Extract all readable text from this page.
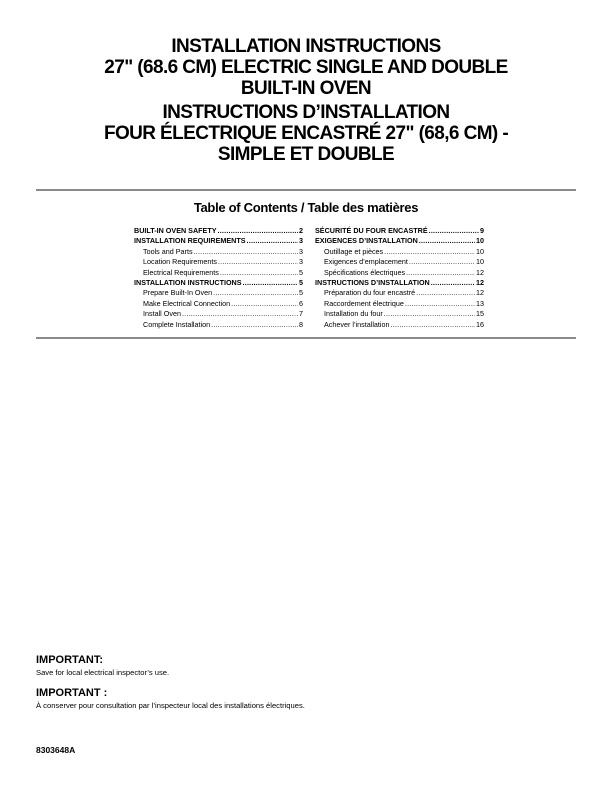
INSTALLATION INSTRUCTIONS
27" (68.6 CM) ELECTRIC SINGLE AND DOUBLE
BUILT-IN OVEN
INSTRUCTIONS D’INSTALLATION
FOUR ÉLECTRIQUE ENCASTRÉ 27" (68,6 CM) -
SIMPLE ET DOUBLE
Table of Contents / Table des matières
BUILT-IN OVEN SAFETY .....	2
INSTALLATION REQUIREMENTS .....	3
Tools and Parts .....	3
Location Requirements .....	3
Electrical Requirements .....	5
INSTALLATION INSTRUCTIONS .....	5
Prepare Built-In Oven .....	5
Make Electrical Connection .....	6
Install Oven .....	7
Complete Installation .....	8
SÉCURITÉ DU FOUR ENCASTRÉ .....	9
EXIGENCES D’INSTALLATION .....	10
Outillage et pièces .....	10
Exigences d’emplacement .....	10
Spécifications électriques .....	12
INSTRUCTIONS D’INSTALLATION .....	12
Préparation du four encastré .....	12
Raccordement électrique .....	13
Installation du four .....	15
Achever l’installation .....	16
IMPORTANT:
Save for local electrical inspector’s use.
IMPORTANT :
À conserver pour consultation par l’inspecteur local des installations électriques.
8303648A
